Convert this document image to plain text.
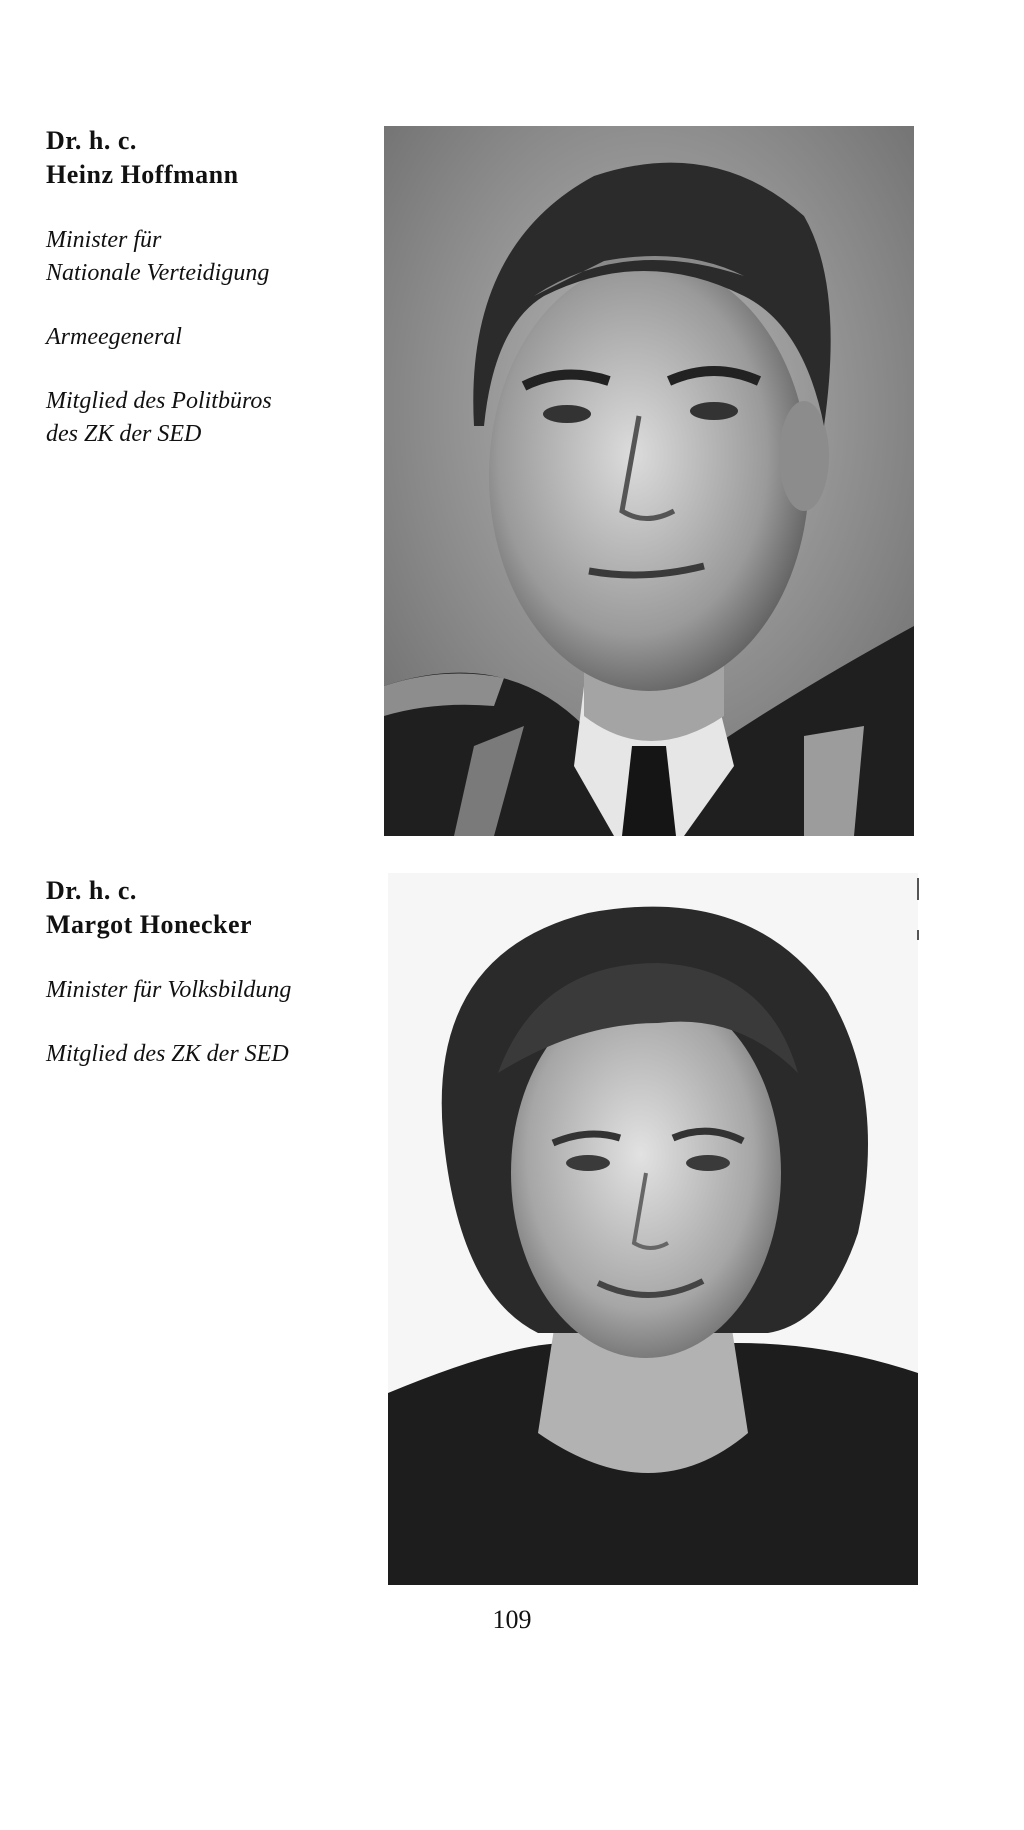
Dr. h. c.
Heinz Hoffmann
Minister für
Nationale Verteidigung
Armeegeneral
Mitglied des Politbüros
des ZK der SED
Dr. h. c.
Margot Honecker
Minister für Volksbildung
Mitglied des ZK der SED
109
